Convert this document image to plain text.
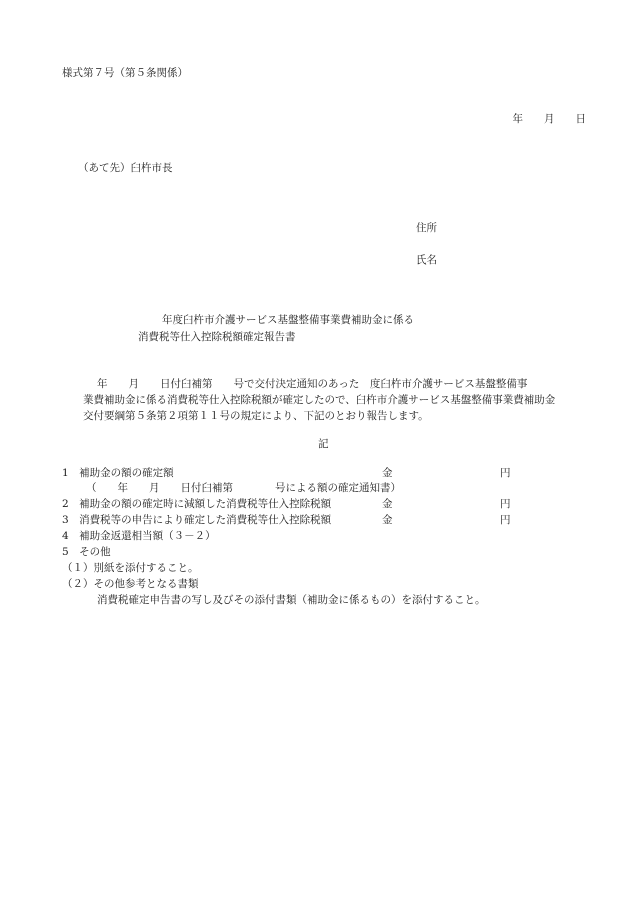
様式第７号（第５条関係）
年　　月　　日
（あて先）臼杵市長
住所
氏名
年度臼杵市介護サービス基盤整備事業費補助金に係る
消費税等仕入控除税額確定報告書
年　　月　　日付臼補第　　号で交付決定通知のあった　度臼杵市介護サービス基盤整備事
業費補助金に係る消費税等仕入控除税額が確定したので、臼杵市介護サービス基盤整備事業費補助金
交付要綱第５条第２項第１１号の規定により、下記のとおり報告します。
記
1　補助金の額の確定額	金	円
（　　年　　月　　日付臼補第　　　　号による額の確定通知書）
2　補助金の額の確定時に減額した消費税等仕入控除税額	金	円
3　消費税等の申告により確定した消費税等仕入控除税額	金	円
4　補助金返還相当額（３－２）
5　その他
（１）別紙を添付すること。
（２）その他参考となる書類
消費税確定申告書の写し及びその添付書類（補助金に係るもの）を添付すること。
